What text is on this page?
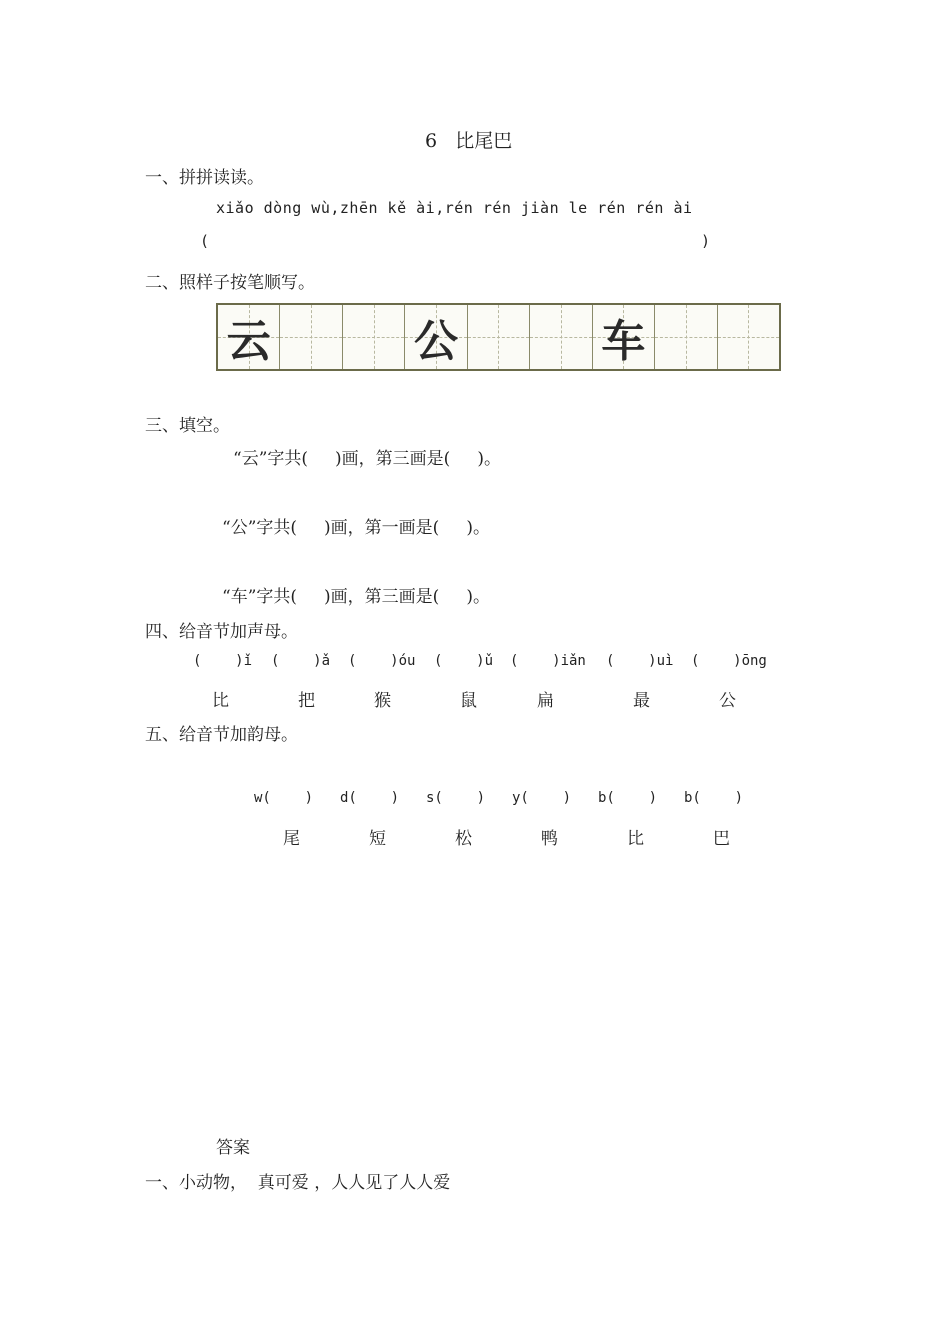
6   比尾巴
一、拼拼读读。
xiǎo dòng wù,zhēn kě ài,rén rén jiàn le rén rén ài
(	)
二、照样子按笔顺写。
云	公	车
三、填空。
“云”字共(     )画，第三画是(     )。
“公”字共(     )画，第一画是(     )。
“车”字共(     )画，第三画是(     )。
四、给音节加声母。
(    )ǐ (    )ǎ (    )óu (    )ǔ (    )iǎn (    )uì (    )ōng
比	把	猴	鼠	扁	最	公
五、给音节加韵母。
w(    ) d(    ) s(    ) y(    ) b(    ) b(    )
尾	短	松	鸭	比	巴
答案
一、小动物，  真可爱 ，人人见了人人爱
